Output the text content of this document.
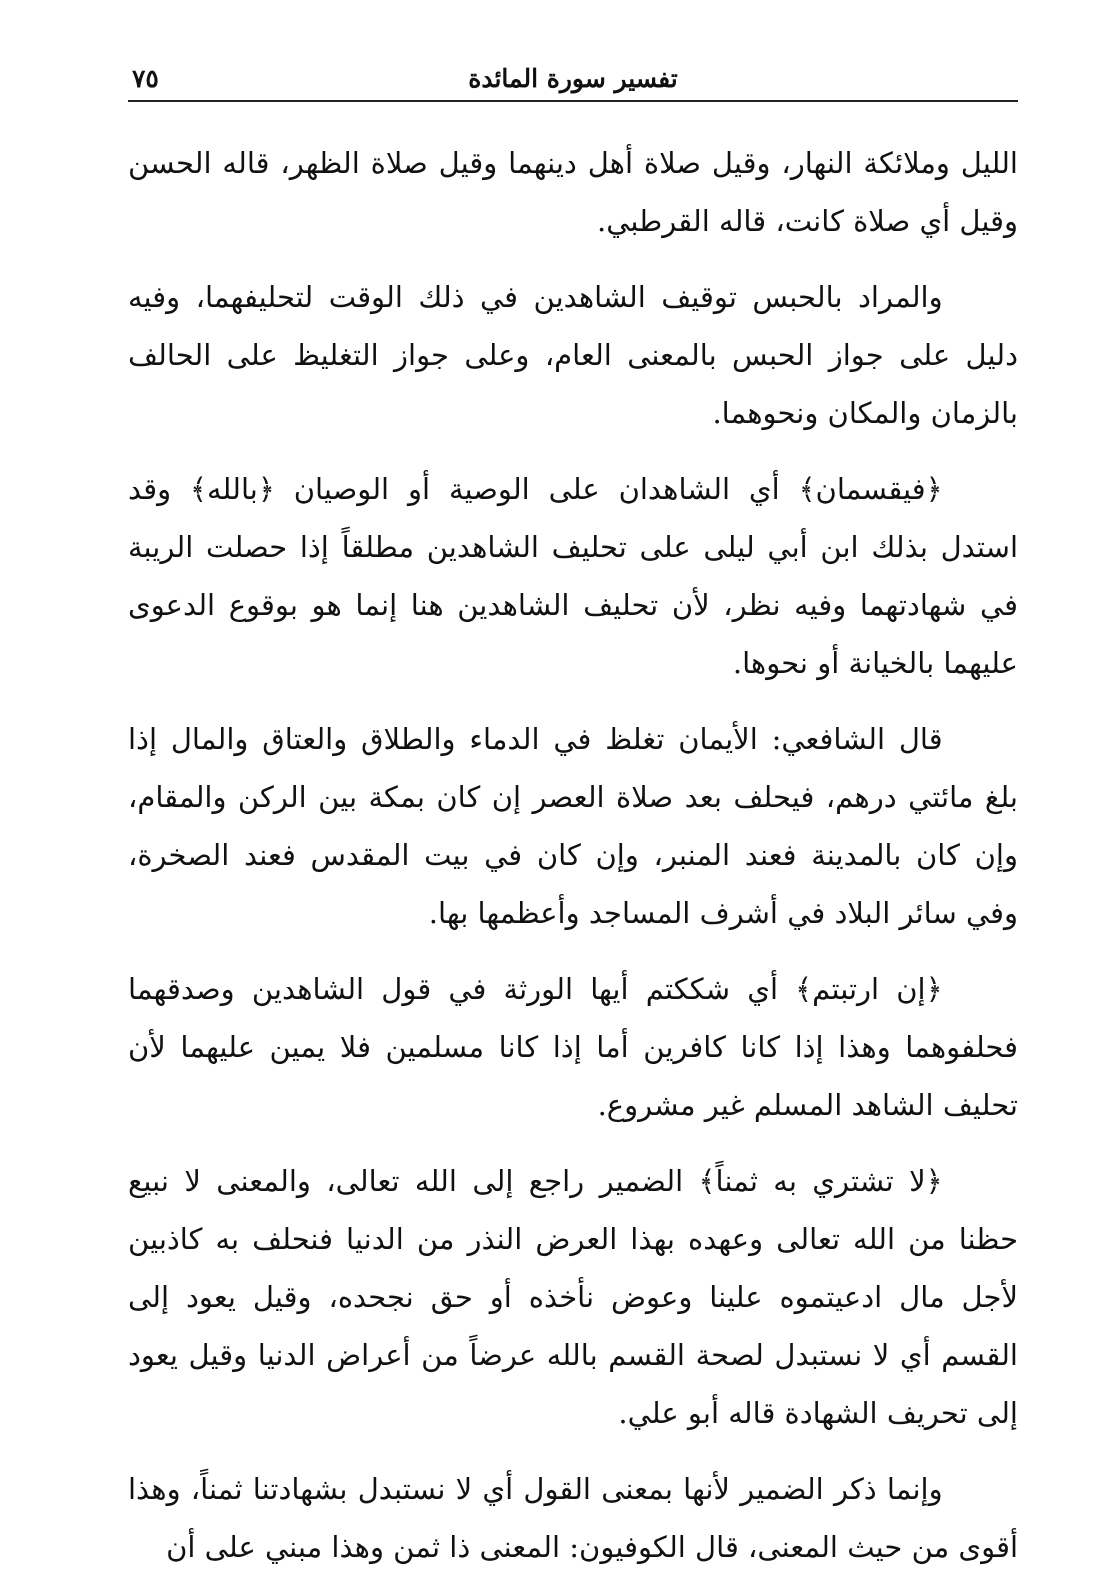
تفسير سورة المائدة
٧٥

الليل وملائكة النهار، وقيل صلاة أهل دينهما وقيل صلاة الظهر، قاله الحسن وقيل أي صلاة كانت، قاله القرطبي.

والمراد بالحبس توقيف الشاهدين في ذلك الوقت لتحليفهما، وفيه دليل على جواز الحبس بالمعنى العام، وعلى جواز التغليظ على الحالف بالزمان والمكان ونحوهما.

﴿فيقسمان﴾ أي الشاهدان على الوصية أو الوصيان ﴿بالله﴾ وقد استدل بذلك ابن أبي ليلى على تحليف الشاهدين مطلقاً إذا حصلت الريبة في شهادتهما وفيه نظر، لأن تحليف الشاهدين هنا إنما هو بوقوع الدعوى عليهما بالخيانة أو نحوها.

قال الشافعي: الأيمان تغلظ في الدماء والطلاق والعتاق والمال إذا بلغ مائتي درهم، فيحلف بعد صلاة العصر إن كان بمكة بين الركن والمقام، وإن كان بالمدينة فعند المنبر، وإن كان في بيت المقدس فعند الصخرة، وفي سائر البلاد في أشرف المساجد وأعظمها بها.

﴿إن ارتبتم﴾ أي شككتم أيها الورثة في قول الشاهدين وصدقهما فحلفوهما وهذا إذا كانا كافرين أما إذا كانا مسلمين فلا يمين عليهما لأن تحليف الشاهد المسلم غير مشروع.

﴿لا تشتري به ثمناً﴾ الضمير راجع إلى الله تعالى، والمعنى لا نبيع حظنا من الله تعالى وعهده بهذا العرض النذر من الدنيا فنحلف به كاذبين لأجل مال ادعيتموه علينا وعوض نأخذه أو حق نجحده، وقيل يعود إلى القسم أي لا نستبدل لصحة القسم بالله عرضاً من أعراض الدنيا وقيل يعود إلى تحريف الشهادة قاله أبو علي.

وإنما ذكر الضمير لأنها بمعنى القول أي لا نستبدل بشهادتنا ثمناً، وهذا أقوى من حيث المعنى، قال الكوفيون: المعنى ذا ثمن وهذا مبني على أن
